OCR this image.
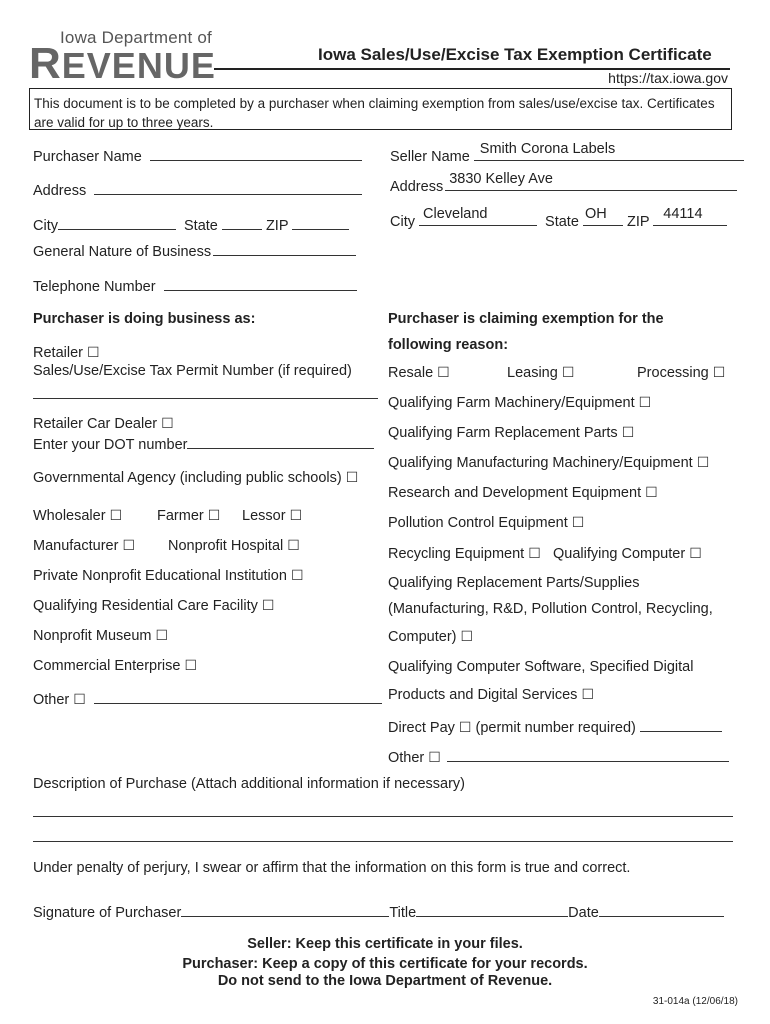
Iowa Department of
REVENUE	Iowa Sales/Use/Excise Tax Exemption Certificate
https://tax.iowa.gov
This document is to be completed by a purchaser when claiming exemption from sales/use/excise tax. Certificates are valid for up to three years.
Purchaser Name
Address
City	State	ZIP
General Nature of Business
Telephone Number
Seller Name Smith Corona Labels
Address 3830 Kelley Ave
City Cleveland	State OH ZIP 44114
Purchaser is doing business as:
Retailer ☐
Sales/Use/Excise Tax Permit Number (if required)
Retailer Car Dealer ☐
Enter your DOT number
Governmental Agency (including public schools) ☐
Wholesaler ☐ Farmer ☐ Lessor ☐
Manufacturer ☐ Nonprofit Hospital ☐
Private Nonprofit Educational Institution ☐
Qualifying Residential Care Facility ☐
Nonprofit Museum ☐
Commercial Enterprise ☐
Other ☐
Purchaser is claiming exemption for the
following reason:
Resale ☐	Leasing ☐	Processing ☐
Qualifying Farm Machinery/Equipment ☐
Qualifying Farm Replacement Parts ☐
Qualifying Manufacturing Machinery/Equipment ☐
Research and Development Equipment ☐
Pollution Control Equipment ☐
Recycling Equipment ☐ Qualifying Computer ☐
Qualifying Replacement Parts/Supplies
(Manufacturing, R&D, Pollution Control, Recycling,
Computer) ☐
Qualifying Computer Software, Specified Digital
Products and Digital Services ☐
Direct Pay ☐ (permit number required)
Other ☐
Description of Purchase (Attach additional information if necessary)
Under penalty of perjury, I swear or affirm that the information on this form is true and correct.
Signature of Purchaser	Title	Date
Seller: Keep this certificate in your files.
Purchaser: Keep a copy of this certificate for your records.
Do not send to the Iowa Department of Revenue.
31-014a (12/06/18)
